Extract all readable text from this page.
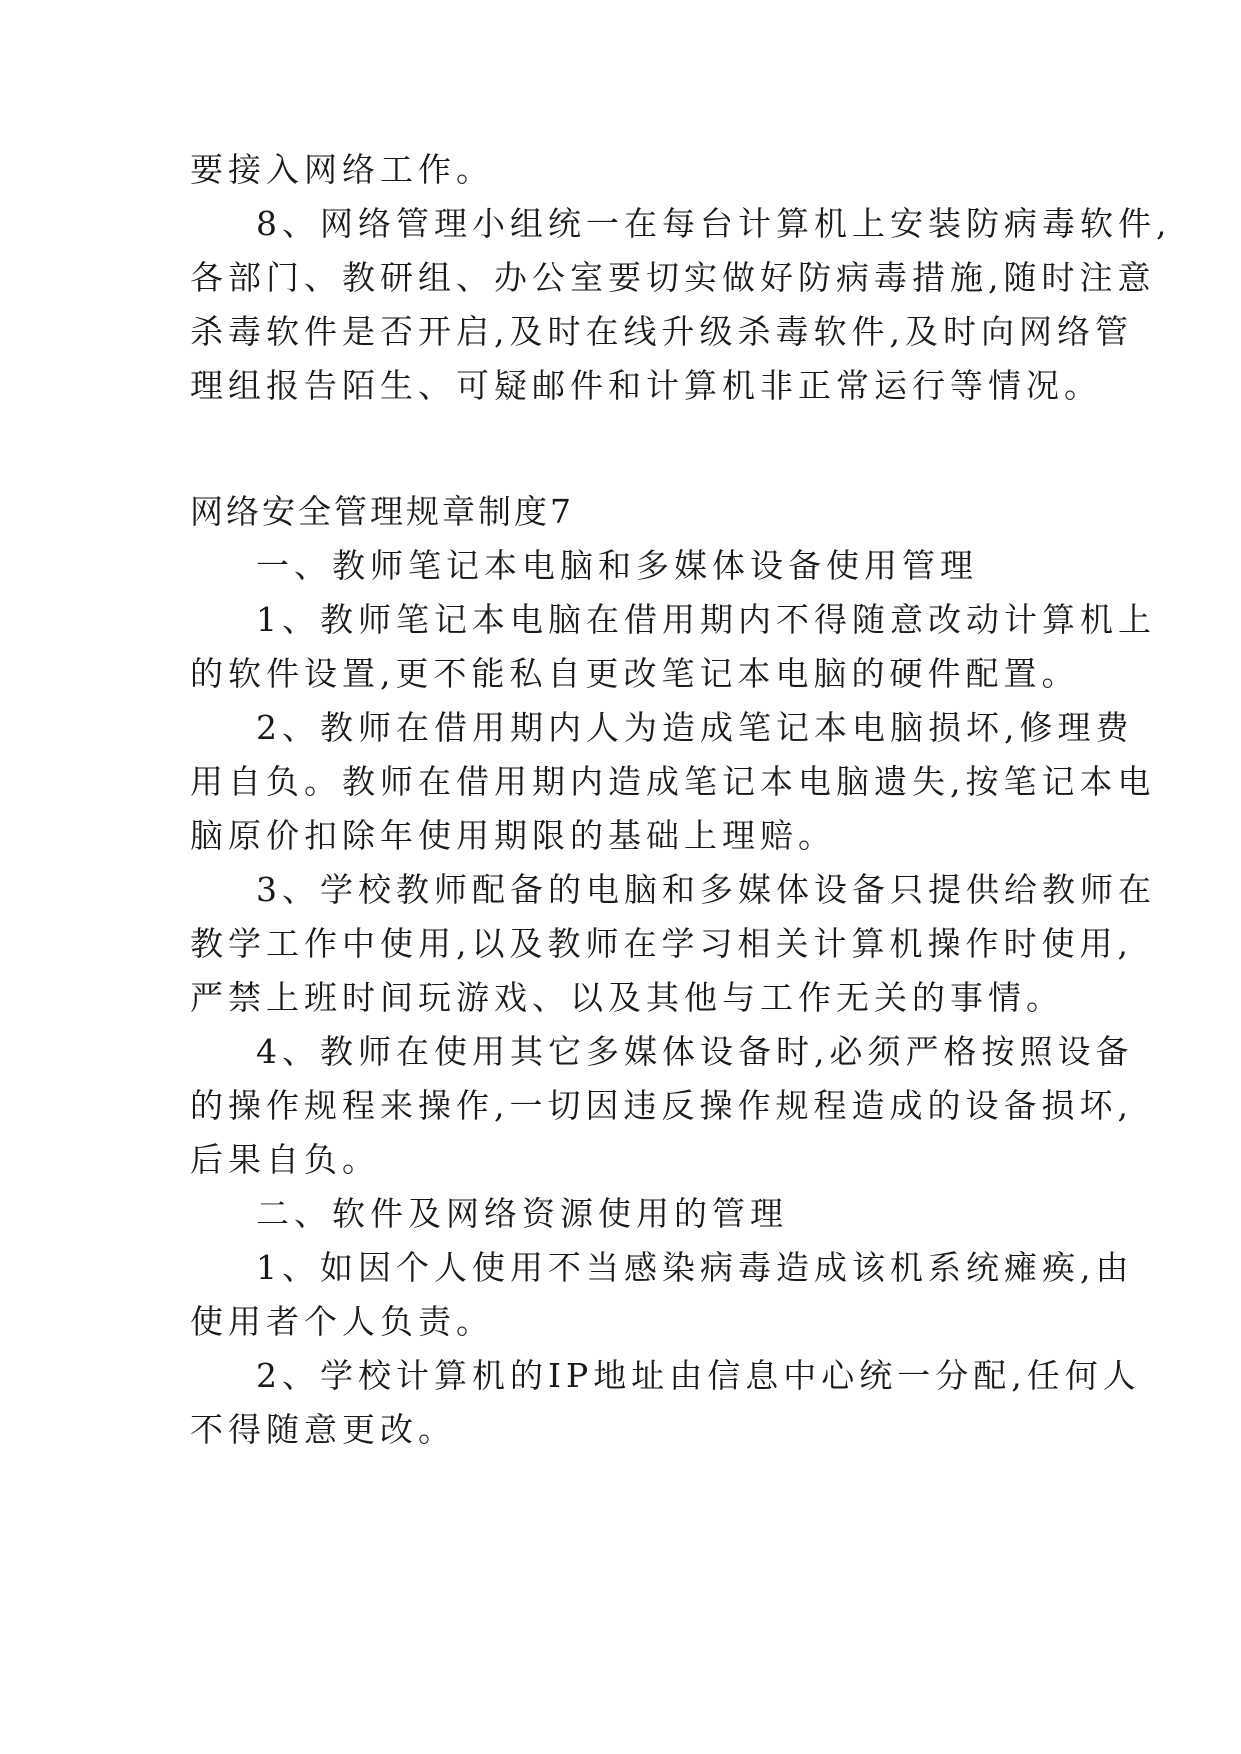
要接入网络工作。
8、网络管理小组统一在每台计算机上安装防病毒软件,
各部门、教研组、办公室要切实做好防病毒措施,随时注意
杀毒软件是否开启,及时在线升级杀毒软件,及时向网络管
理组报告陌生、可疑邮件和计算机非正常运行等情况。
网络安全管理规章制度7
一、教师笔记本电脑和多媒体设备使用管理
1、教师笔记本电脑在借用期内不得随意改动计算机上
的软件设置,更不能私自更改笔记本电脑的硬件配置。
2、教师在借用期内人为造成笔记本电脑损坏,修理费
用自负。教师在借用期内造成笔记本电脑遗失,按笔记本电
脑原价扣除年使用期限的基础上理赔。
3、学校教师配备的电脑和多媒体设备只提供给教师在
教学工作中使用,以及教师在学习相关计算机操作时使用,
严禁上班时间玩游戏、以及其他与工作无关的事情。
4、教师在使用其它多媒体设备时,必须严格按照设备
的操作规程来操作,一切因违反操作规程造成的设备损坏,
后果自负。
二、软件及网络资源使用的管理
1、如因个人使用不当感染病毒造成该机系统瘫痪,由
使用者个人负责。
2、学校计算机的IP地址由信息中心统一分配,任何人
不得随意更改。
